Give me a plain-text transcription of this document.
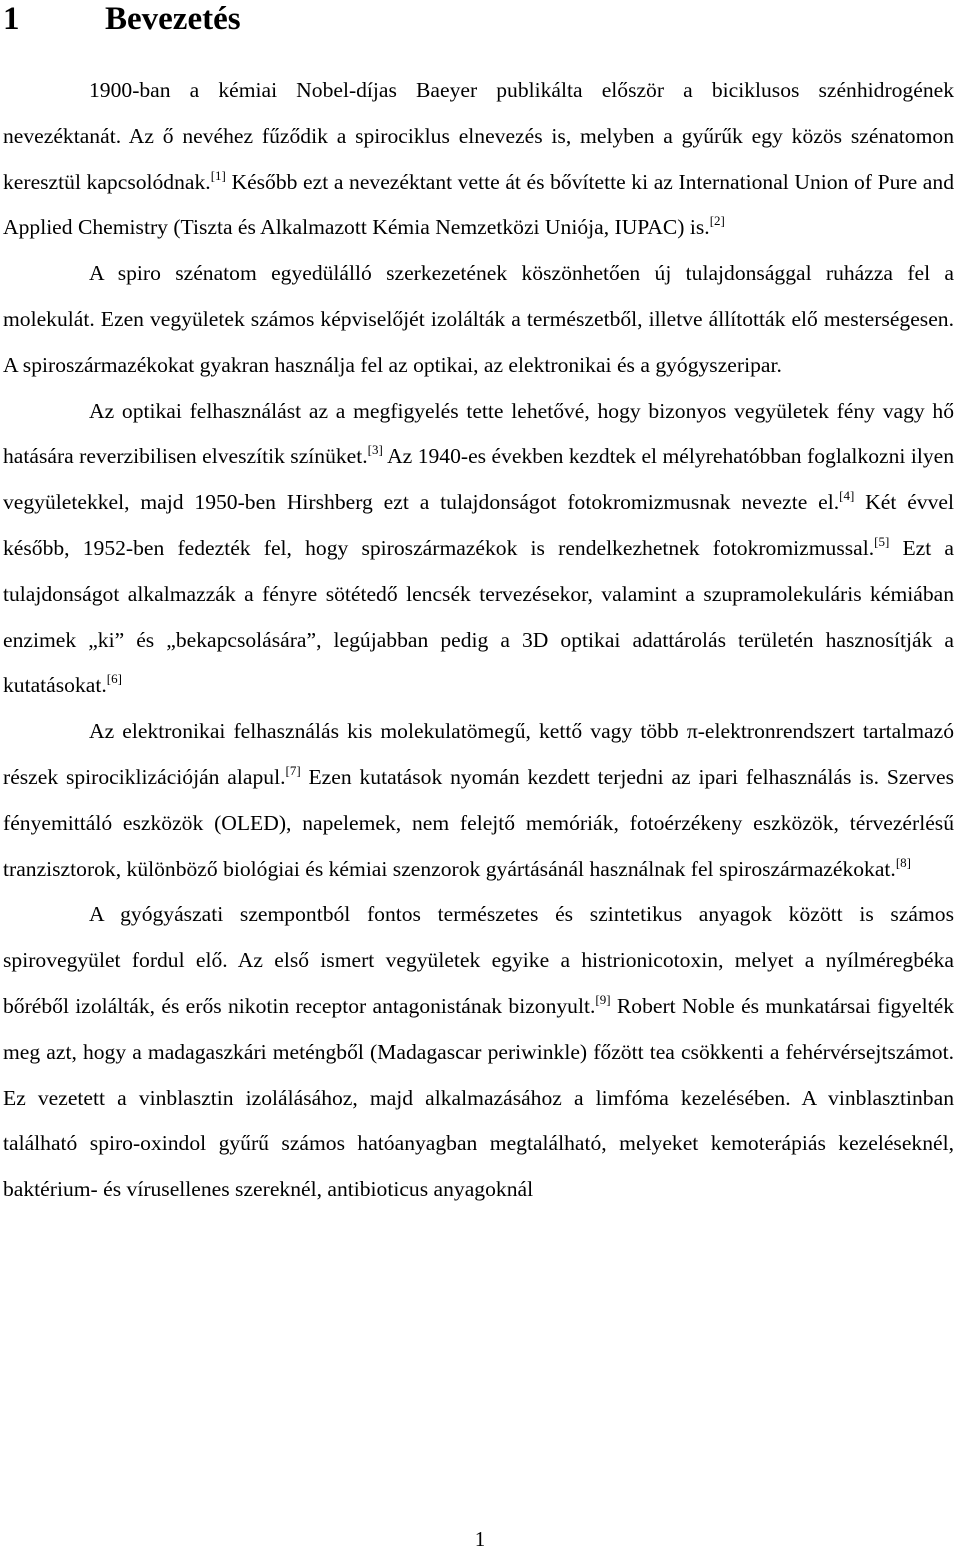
1	Bevezetés

1900-ban a kémiai Nobel-díjas Baeyer publikálta először a biciklusos szénhidrogének nevezéktanát. Az ő nevéhez fűződik a spirociklus elnevezés is, melyben a gyűrűk egy közös szénatomon keresztül kapcsolódnak.[1] Később ezt a nevezéktant vette át és bővítette ki az International Union of Pure and Applied Chemistry (Tiszta és Alkalmazott Kémia Nemzetközi Uniója, IUPAC) is.[2]

A spiro szénatom egyedülálló szerkezetének köszönhetően új tulajdonsággal ruházza fel a molekulát. Ezen vegyületek számos képviselőjét izolálták a természetből, illetve állították elő mesterségesen. A spiroszármazékokat gyakran használja fel az optikai, az elektronikai és a gyógyszeripar.

Az optikai felhasználást az a megfigyelés tette lehetővé, hogy bizonyos vegyületek fény vagy hő hatására reverzibilisen elveszítik színüket.[3] Az 1940-es években kezdtek el mélyrehatóbban foglalkozni ilyen vegyületekkel, majd 1950-ben Hirshberg ezt a tulajdonságot fotokromizmusnak nevezte el.[4] Két évvel később, 1952-ben fedezték fel, hogy spiroszármazékok is rendelkezhetnek fotokromizmussal.[5] Ezt a tulajdonságot alkalmazzák a fényre sötétedő lencsék tervezésekor, valamint a szupramolekuláris kémiában enzimek „ki” és „bekapcsolására”, legújabban pedig a 3D optikai adattárolás területén hasznosítják a kutatásokat.[6]

Az elektronikai felhasználás kis molekulatömegű, kettő vagy több π-elektronrendszert tartalmazó részek spirociklizációján alapul.[7] Ezen kutatások nyomán kezdett terjedni az ipari felhasználás is. Szerves fényemittáló eszközök (OLED), napelemek, nem felejtő memóriák, fotoérzékeny eszközök, térvezérlésű tranzisztorok, különböző biológiai és kémiai szenzorok gyártásánál használnak fel spiroszármazékokat.[8]

A gyógyászati szempontból fontos természetes és szintetikus anyagok között is számos spirovegyület fordul elő. Az első ismert vegyületek egyike a histrionicotoxin, melyet a nyílméregbéka bőréből izolálták, és erős nikotin receptor antagonistának bizonyult.[9] Robert Noble és munkatársai figyelték meg azt, hogy a madagaszkári meténgből (Madagascar periwinkle) főzött tea csökkenti a fehérvérsejtszámot. Ez vezetett a vinblasztin izolálásához, majd alkalmazásához a limfóma kezelésében. A vinblasztinban található spiro-oxindol gyűrű számos hatóanyagban megtalálható, melyeket kemoterápiás kezeléseknél, baktérium- és vírusellenes szereknél, antibioticus anyagoknál

1
